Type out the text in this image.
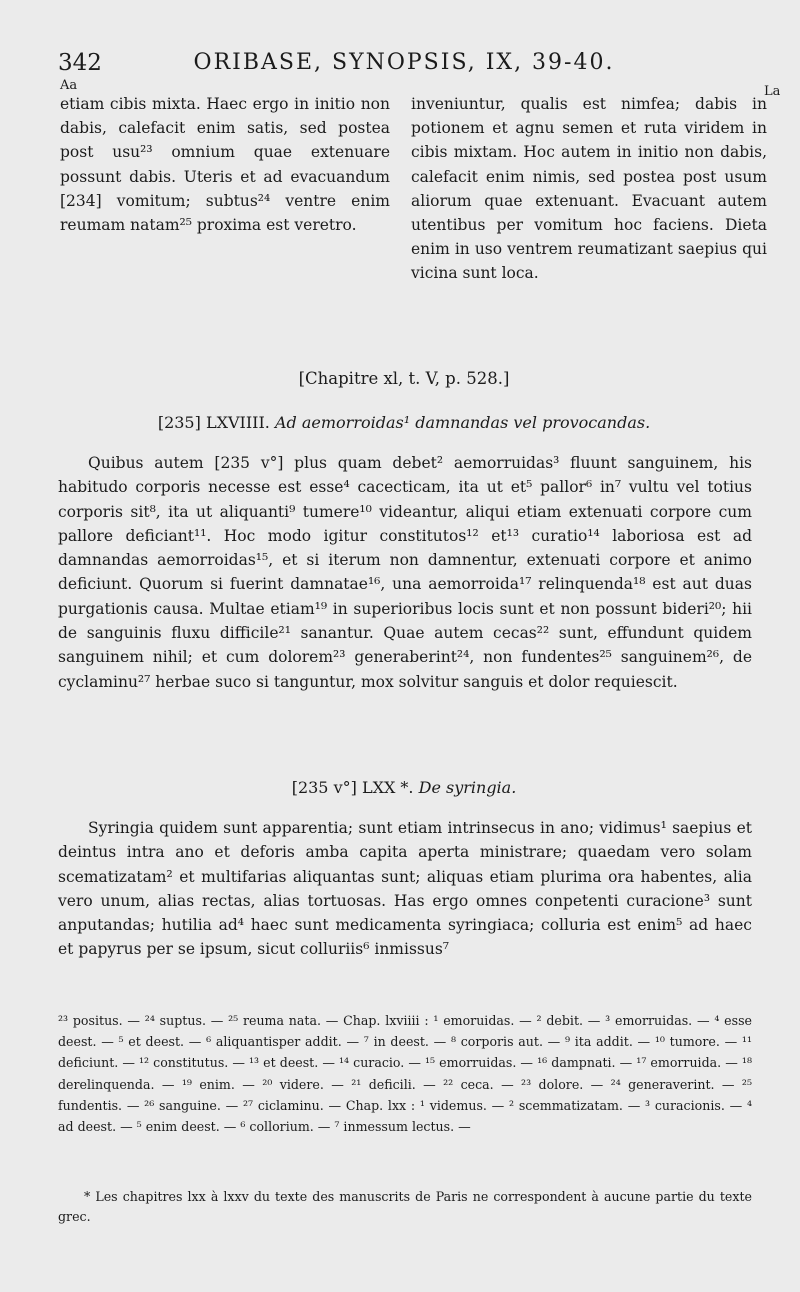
342	ORIBASE, SYNOPSIS, IX, 39-40.
Aa	La

etiam cibis mixta. Haec ergo in initio non dabis, calefacit enim satis, sed postea post usu²³ omnium quae extenuare possunt dabis. Uteris et ad evacuandum [234] vomitum; subtus²⁴ ventre enim reumam natam²⁵ proxima est veretro.

inveniuntur, qualis est nimfea; dabis in potionem et agnu semen et ruta viridem in cibis mixtam. Hoc autem in initio non dabis, calefacit enim nimis, sed postea post usum aliorum quae extenuant. Evacuant autem utentibus per vomitum hoc faciens. Dieta enim in uso ventrem reumatizant saepius qui vicina sunt loca.

[Chapitre xl, t. V, p. 528.]
[235] LXVIIII. Ad aemorroidas¹ damnandas vel provocandas.

Quibus autem [235 v°] plus quam debet² aemorruidas³ fluunt sanguinem, his habitudo corporis necesse est esse⁴ cacecticam, ita ut et⁵ pallor⁶ in⁷ vultu vel totius corporis sit⁸, ita ut aliquanti⁹ tumere¹⁰ videantur, aliqui etiam extenuati corpore cum pallore deficiant¹¹. Hoc modo igitur constitutos¹² et¹³ curatio¹⁴ laboriosa est ad damnandas aemorroidas¹⁵, et si iterum non damnentur, extenuati corpore et animo deficiunt. Quorum si fuerint damnatae¹⁶, una aemorroida¹⁷ relinquenda¹⁸ est aut duas purgationis causa. Multae etiam¹⁹ in superioribus locis sunt et non possunt bideri²⁰; hii de sanguinis fluxu difficile²¹ sanantur. Quae autem cecas²² sunt, effundunt quidem sanguinem nihil; et cum dolorem²³ generaberint²⁴, non fundentes²⁵ sanguinem²⁶, de cyclaminu²⁷ herbae suco si tanguntur, mox solvitur sanguis et dolor requiescit.

[235 v°] LXX *. De syringia.

Syringia quidem sunt apparentia; sunt etiam intrinsecus in ano; vidimus¹ saepius et deintus intra ano et deforis amba capita aperta ministrare; quaedam vero solam scematizatam² et multifarias aliquantas sunt; aliquas etiam plurima ora habentes, alia vero unum, alias rectas, alias tortuosas. Has ergo omnes conpetenti curacione³ sunt anputandas; hutilia ad⁴ haec sunt medicamenta syringiaca; colluria est enim⁵ ad haec et papyrus per se ipsum, sicut colluriis⁶ inmissus⁷

²³ positus. — ²⁴ suptus. — ²⁵ reuma nata. — Chap. lxviiii : ¹ emoruidas. — ² debit. — ³ emorruidas. — ⁴ esse deest. — ⁵ et deest. — ⁶ aliquantisper addit. — ⁷ in deest. — ⁸ corporis aut. — ⁹ ita addit. — ¹⁰ tumore. — ¹¹ deficiunt. — ¹² constitutus. — ¹³ et deest. — ¹⁴ curacio. — ¹⁵ emorruidas. — ¹⁶ dampnati. — ¹⁷ emorruida. — ¹⁸ derelinquenda. — ¹⁹ enim. — ²⁰ videre. — ²¹ deficili. — ²² ceca. — ²³ dolore. — ²⁴ generaverint. — ²⁵ fundentis. — ²⁶ sanguine. — ²⁷ ciclaminu. — Chap. lxx : ¹ videmus. — ² scemmatizatam. — ³ curacionis. — ⁴ ad deest. — ⁵ enim deest. — ⁶ collorium. — ⁷ inmessum lectus. —
* Les chapitres lxx à lxxv du texte des manuscrits de Paris ne correspondent à aucune partie du texte grec.
